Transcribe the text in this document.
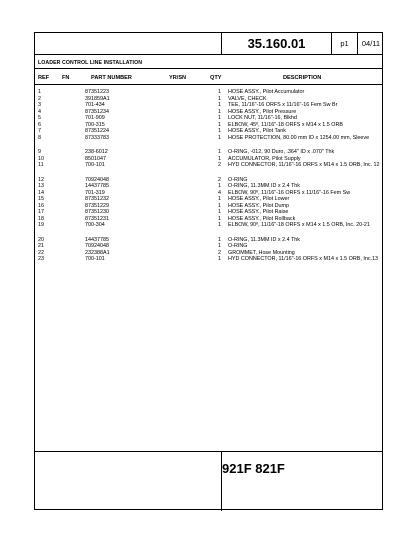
35.160.01	p1 04/11
LOADER CONTROL LINE INSTALLATION
REF FN	PART NUMBER	YR/SN	QTY	DESCRIPTION
1	87351223	1 HOSE ASSY., Pilot Accumulator
2	391859A1	1 VALVE, CHECK
3	701-434	1 TEE, 11/16"-16 ORFS x 11/16"-16 Fem Sw Br
4	87351234	1 HOSE ASSY., Pilot Pressure
5	701-909	1 LOCK NUT, 11/16"-16, Blkhd
6	700-315	1 ELBOW, 45º, 11/16"-18 ORFS x M14 x 1.5 ORB
7	87351224	1 HOSE ASSY., Pilot Tank
8	87333783	1 HOSE PROTECTION, 80.00 mm ID x 1254.00 mm, Sleeve
9	238-6012	1 O-RING, -012, 90 Duro, .364" ID x .070" Thk
10	8501047	1 ACCUMULATOR, Pilot Supply
11	700-101	2 HYD CONNECTOR, 11/16"-16 ORFS x M14 x 1.5 ORB, Inc. 12
12	70924048	2 O-RING
13	14437785	1 O-RING, 11.3MM ID x 2.4 Thk
14	701-319	4 ELBOW, 90º, 11/16"-16 ORFS x 11/16"-16 Fem Sw
15	87351232	1 HOSE ASSY., Pilot Lower
16	87351229	1 HOSE ASSY., Pilot Dump
17	87351230	1 HOSE ASSY., Pilot Raise
18	87351231	1 HOSE ASSY., Pilot Rollback
19	700-304	1 ELBOW, 90º, 11/16"-18 ORFS x M14 x 1.5 ORB, Inc. 20-21
20	14437785	1 O-RING, 11.3MM ID x 2.4 Thk
21	70924048	1 O-RING
22	232388A1	2 GROMMET, Hose Mounting
23	700-101	1 HYD CONNECTOR, 11/16"-16 ORFS x M14 x 1.5 ORB, Inc.13
921F 821F
